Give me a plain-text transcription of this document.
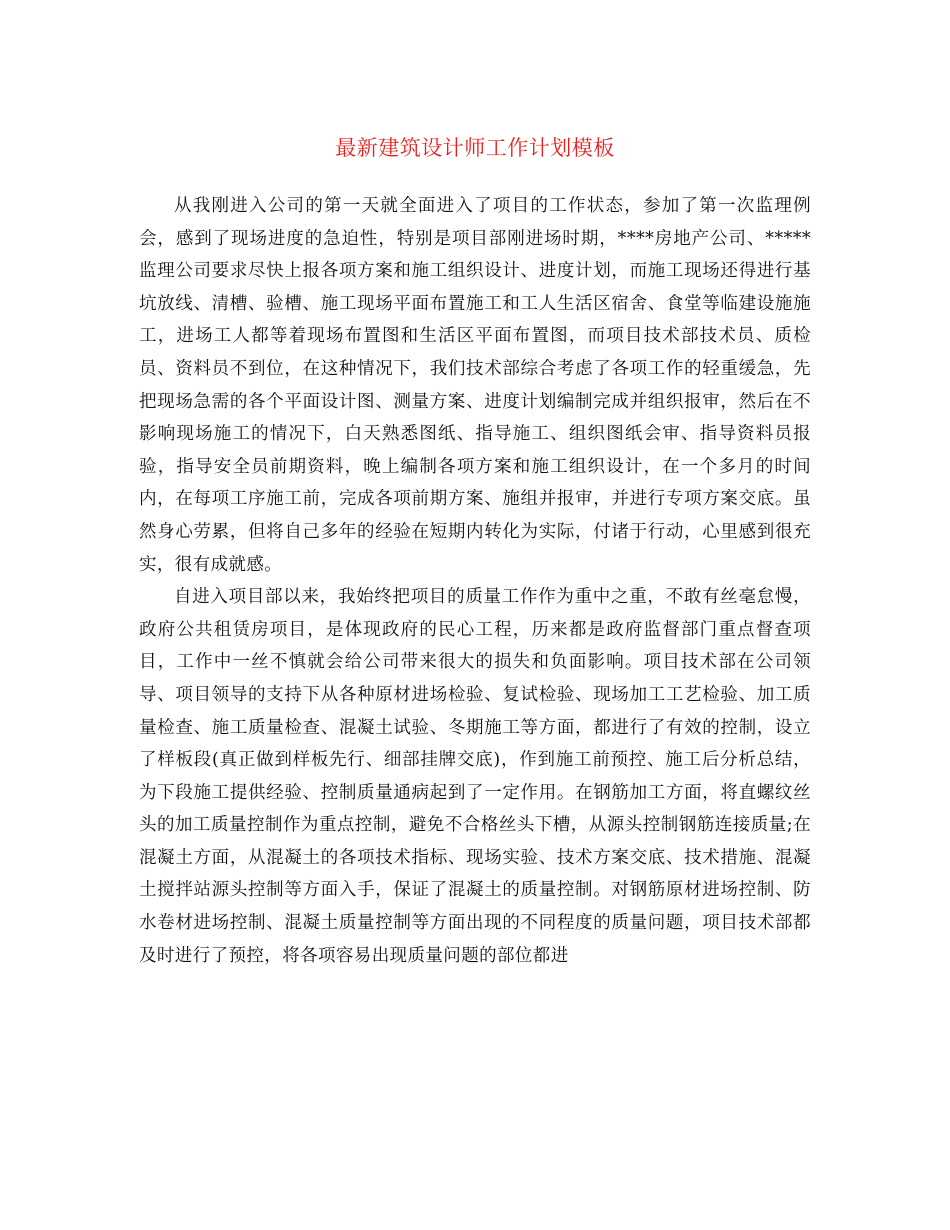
最新建筑设计师工作计划模板

从我刚进入公司的第一天就全面进入了项目的工作状态，参加了第一次监理例会，感到了现场进度的急迫性，特别是项目部刚进场时期，****房地产公司、*****监理公司要求尽快上报各项方案和施工组织设计、进度计划，而施工现场还得进行基坑放线、清槽、验槽、施工现场平面布置施工和工人生活区宿舍、食堂等临建设施施工，进场工人都等着现场布置图和生活区平面布置图，而项目技术部技术员、质检员、资料员不到位，在这种情况下，我们技术部综合考虑了各项工作的轻重缓急，先把现场急需的各个平面设计图、测量方案、进度计划编制完成并组织报审，然后在不影响现场施工的情况下，白天熟悉图纸、指导施工、组织图纸会审、指导资料员报验，指导安全员前期资料，晚上编制各项方案和施工组织设计，在一个多月的时间内，在每项工序施工前，完成各项前期方案、施组并报审，并进行专项方案交底。虽然身心劳累，但将自己多年的经验在短期内转化为实际，付诸于行动，心里感到很充实，很有成就感。

自进入项目部以来，我始终把项目的质量工作作为重中之重，不敢有丝毫怠慢，政府公共租赁房项目，是体现政府的民心工程，历来都是政府监督部门重点督查项目，工作中一丝不慎就会给公司带来很大的损失和负面影响。项目技术部在公司领导、项目领导的支持下从各种原材进场检验、复试检验、现场加工工艺检验、加工质量检查、施工质量检查、混凝土试验、冬期施工等方面，都进行了有效的控制，设立了样板段(真正做到样板先行、细部挂牌交底)，作到施工前预控、施工后分析总结，为下段施工提供经验、控制质量通病起到了一定作用。在钢筋加工方面，将直螺纹丝头的加工质量控制作为重点控制，避免不合格丝头下槽，从源头控制钢筋连接质量;在混凝土方面，从混凝土的各项技术指标、现场实验、技术方案交底、技术措施、混凝土搅拌站源头控制等方面入手，保证了混凝土的质量控制。对钢筋原材进场控制、防水卷材进场控制、混凝土质量控制等方面出现的不同程度的质量问题，项目技术部都及时进行了预控，将各项容易出现质量问题的部位都进
